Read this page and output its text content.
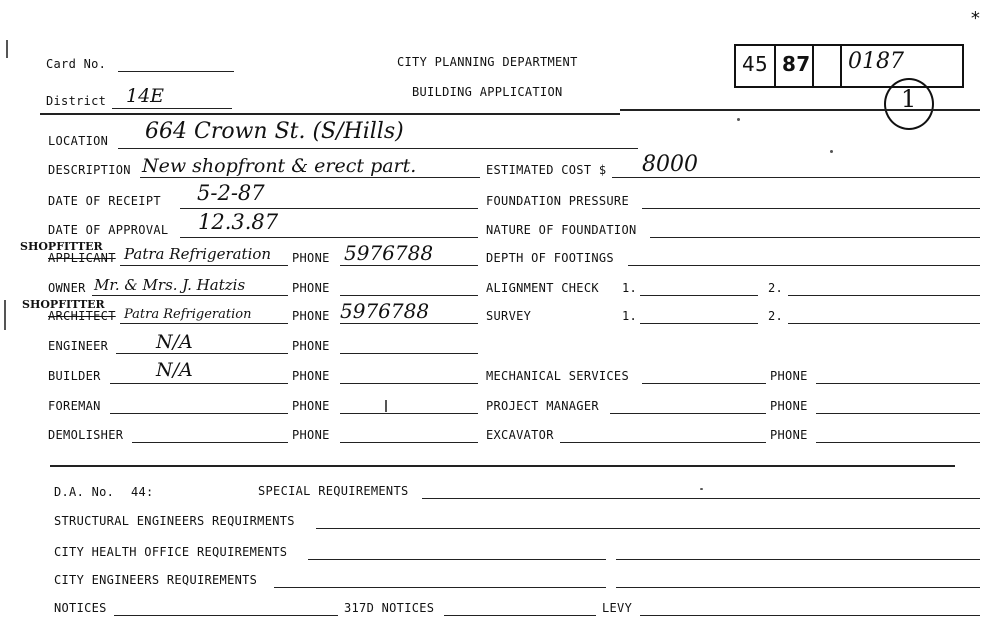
Card No.
District 14E
CITY PLANNING DEPARTMENT
BUILDING APPLICATION
*
45 87 0187
1
LOCATION 664 Crown St. (S/Hills)
DESCRIPTION New shopfront & erect part.
DATE OF RECEIPT 5-2-87
DATE OF APPROVAL 12.3.87
SHOPFITTER
APPLICANT Patra Refrigeration PHONE 5976788
OWNER Mr. & Mrs. J. Hatzis	PHONE
SHOPFITTER
ARCHITECT Patra Refrigeration	PHONE 5976788
ENGINEER	N/A	PHONE
BUILDER	N/A	PHONE
FOREMAN	PHONE
DEMOLISHER	PHONE
ESTIMATED COST $ 8000
FOUNDATION PRESSURE
NATURE OF FOUNDATION
DEPTH OF FOOTINGS
ALIGNMENT CHECK 1.	2.
SURVEY	1.	2.
MECHANICAL SERVICES	PHONE
PROJECT MANAGER	PHONE
EXCAVATOR	PHONE
D.A. No. 44:	SPECIAL REQUIREMENTS
STRUCTURAL ENGINEERS REQUIRMENTS
CITY HEALTH OFFICE REQUIREMENTS
CITY ENGINEERS REQUIREMENTS
NOTICES	317D NOTICES	LEVY
